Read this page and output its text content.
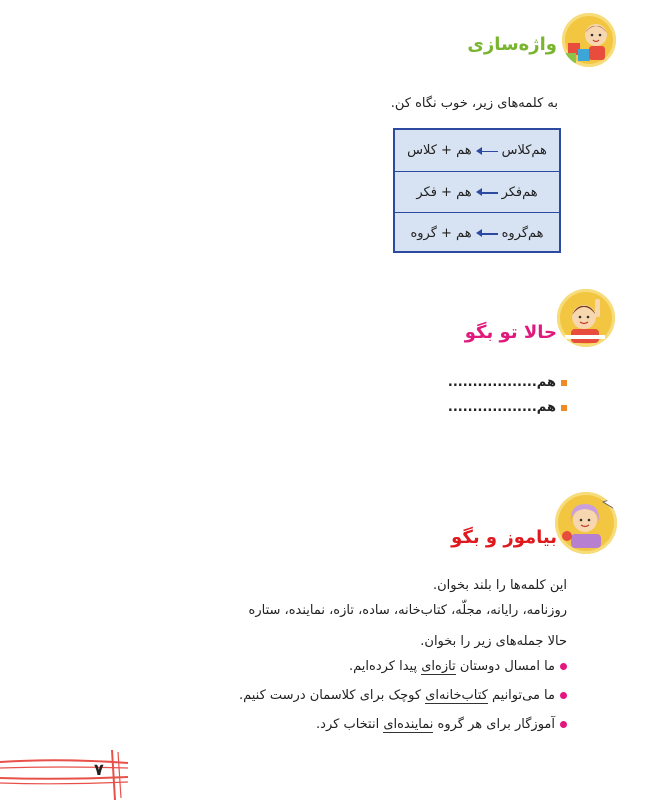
واژه‌سازی
به کلمه‌های زیر، خوب نگاه کن.
هم‌کلاس
هم + کلاس
هم‌فکر
هم + فکر
هم‌گروه
هم + گروه
حالا تو بگو
هم..................
هم..................
بیاموز و بگو
این کلمه‌ها را بلند بخوان.
روزنامه، رایانه، مجلّه، کتاب‌خانه، ساده، تازه، نماینده، ستاره
حالا جمله‌های زیر را بخوان.
ما امسال دوستان تازه‌ای پیدا کرده‌ایم.
ما می‌توانیم کتاب‌خانه‌ای کوچک برای کلاسمان درست کنیم.
آموزگار برای هر گروه نماینده‌ای انتخاب کرد.
۷
